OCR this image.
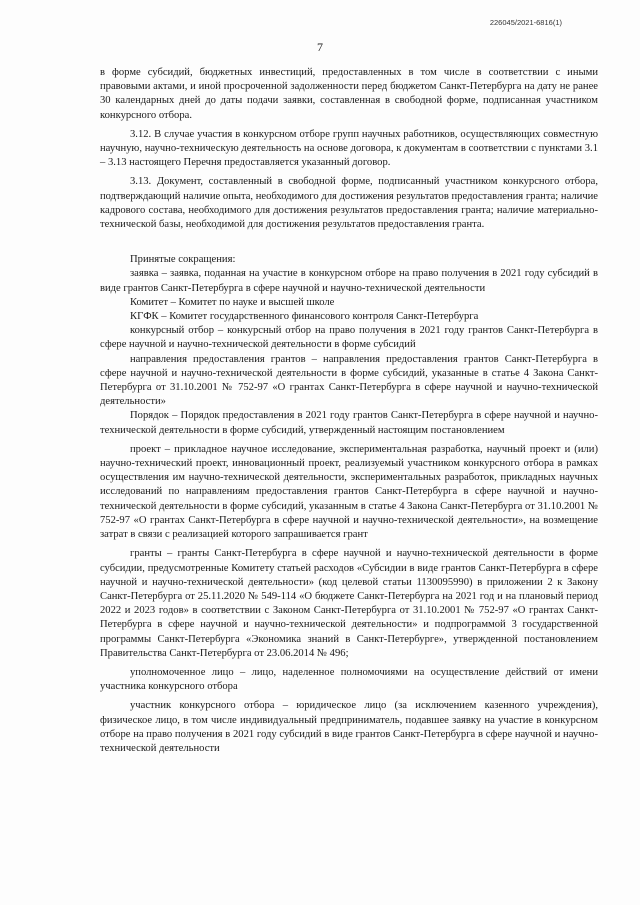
226045/2021-6816(1)
7

в форме субсидий, бюджетных инвестиций, предоставленных в том числе в соответствии с иными правовыми актами, и иной просроченной задолженности перед бюджетом Санкт-Петербурга на дату не ранее 30 календарных дней до даты подачи заявки, составленная в свободной форме, подписанная участником конкурсного отбора.

3.12. В случае участия в конкурсном отборе групп научных работников, осуществляющих совместную научную, научно-техническую деятельность на основе договора, к документам в соответствии с пунктами 3.1 – 3.13 настоящего Перечня предоставляется указанный договор.

3.13. Документ, составленный в свободной форме, подписанный участником конкурсного отбора, подтверждающий наличие опыта, необходимого для достижения результатов предоставления гранта; наличие кадрового состава, необходимого для достижения результатов предоставления гранта; наличие материально-технической базы, необходимой для достижения результатов предоставления гранта.

Принятые сокращения:

заявка – заявка, поданная на участие в конкурсном отборе на право получения в 2021 году субсидий в виде грантов Санкт-Петербурга в сфере научной и научно-технической деятельности

Комитет – Комитет по науке и высшей школе

КГФК – Комитет государственного финансового контроля Санкт-Петербурга

конкурсный отбор – конкурсный отбор на право получения в 2021 году грантов Санкт-Петербурга в сфере научной и научно-технической деятельности в форме субсидий

направления предоставления грантов – направления предоставления грантов Санкт-Петербурга в сфере научной и научно-технической деятельности в форме субсидий, указанные в статье 4 Закона Санкт-Петербурга от 31.10.2001 № 752-97 «О грантах Санкт-Петербурга в сфере научной и научно-технической деятельности»

Порядок – Порядок предоставления в 2021 году грантов Санкт-Петербурга в сфере научной и научно-технической деятельности в форме субсидий, утвержденный настоящим постановлением

проект – прикладное научное исследование, экспериментальная разработка, научный проект и (или) научно-технический проект, инновационный проект, реализуемый участником конкурсного отбора в рамках осуществления им научно-технической деятельности, экспериментальных разработок, прикладных научных исследований по направлениям предоставления грантов Санкт-Петербурга в сфере научной и научно-технической деятельности в форме субсидий, указанным в статье 4 Закона Санкт-Петербурга от 31.10.2001 № 752-97 «О грантах Санкт-Петербурга в сфере научной и научно-технической деятельности», на возмещение затрат в связи с реализацией которого запрашивается грант

гранты – гранты Санкт-Петербурга в сфере научной и научно-технической деятельности в форме субсидии, предусмотренные Комитету статьей расходов «Субсидии в виде грантов Санкт-Петербурга в сфере научной и научно-технической деятельности» (код целевой статьи 1130095990) в приложении 2 к Закону Санкт-Петербурга от 25.11.2020 № 549-114 «О бюджете Санкт-Петербурга на 2021 год и на плановый период 2022 и 2023 годов» в соответствии с Законом Санкт-Петербурга от 31.10.2001 № 752-97 «О грантах Санкт-Петербурга в сфере научной и научно-технической деятельности» и подпрограммой 3 государственной программы Санкт-Петербурга «Экономика знаний в Санкт-Петербурге», утвержденной постановлением Правительства Санкт-Петербурга от 23.06.2014 № 496;

уполномоченное лицо – лицо, наделенное полномочиями на осуществление действий от имени участника конкурсного отбора

участник конкурсного отбора – юридическое лицо (за исключением казенного учреждения), физическое лицо, в том числе индивидуальный предприниматель, подавшее заявку на участие в конкурсном отборе на право получения в 2021 году субсидий в виде грантов Санкт-Петербурга в сфере научной и научно-технической деятельности
